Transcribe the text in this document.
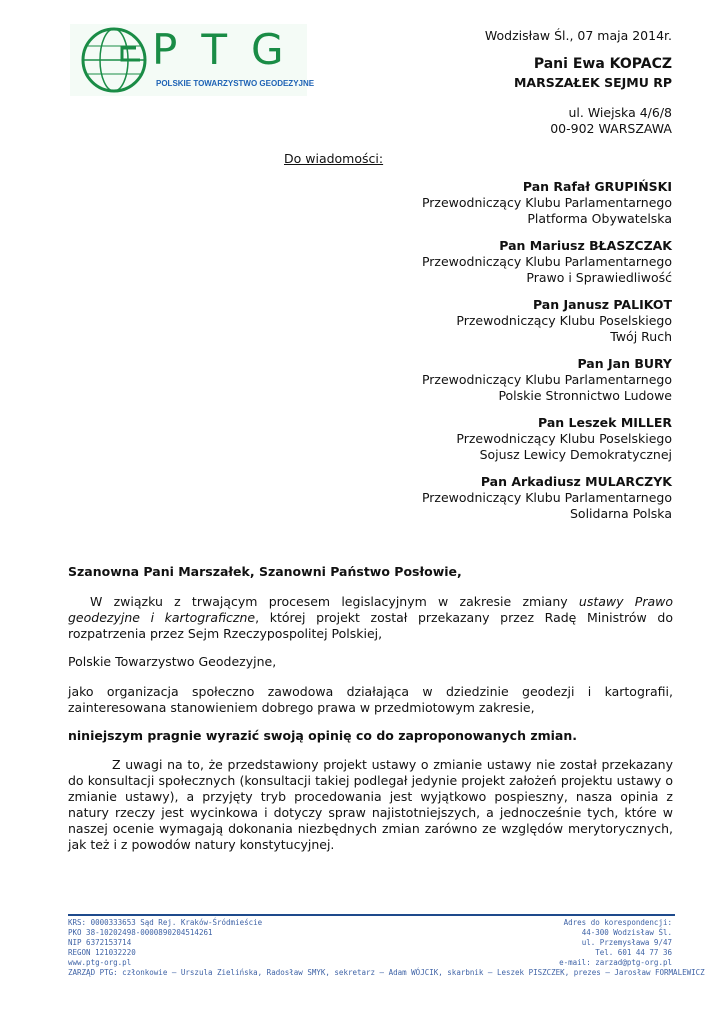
PTG
POLSKIE TOWARZYSTWO GEODEZYJNE
Wodzisław Śl., 07 maja 2014r.
Pani Ewa KOPACZ
MARSZAŁEK SEJMU RP
ul. Wiejska 4/6/8
00-902 WARSZAWA
Do wiadomości:
Pan Rafał GRUPIŃSKI
Przewodniczący Klubu Parlamentarnego
Platforma Obywatelska
Pan Mariusz BŁASZCZAK
Przewodniczący Klubu Parlamentarnego
Prawo i Sprawiedliwość
Pan Janusz PALIKOT
Przewodniczący Klubu Poselskiego
Twój Ruch
Pan Jan BURY
Przewodniczący Klubu Parlamentarnego
Polskie Stronnictwo Ludowe
Pan Leszek MILLER
Przewodniczący Klubu Poselskiego
Sojusz Lewicy Demokratycznej
Pan Arkadiusz MULARCZYK
Przewodniczący Klubu Parlamentarnego
Solidarna Polska
Szanowna Pani Marszałek, Szanowni Państwo Posłowie,
W związku z trwającym procesem legislacyjnym w zakresie zmiany ustawy Prawo geodezyjne i kartograficzne, której projekt został przekazany przez Radę Ministrów do rozpatrzenia przez Sejm Rzeczypospolitej Polskiej,
Polskie Towarzystwo Geodezyjne,
jako organizacja społeczno zawodowa działająca w dziedzinie geodezji i kartografii, zainteresowana stanowieniem dobrego prawa w przedmiotowym zakresie,
niniejszym pragnie wyrazić swoją opinię co do zaproponowanych zmian.
Z uwagi na to, że przedstawiony projekt ustawy o zmianie ustawy nie został przekazany do konsultacji społecznych (konsultacji takiej podlegał jedynie projekt założeń projektu ustawy o zmianie ustawy), a przyjęty tryb procedowania jest wyjątkowo pospieszny, nasza opinia z natury rzeczy jest wycinkowa i dotyczy spraw najistotniejszych, a jednocześnie tych, które w naszej ocenie wymagają dokonania niezbędnych zmian zarówno ze względów merytorycznych, jak też i z powodów natury konstytucyjnej.
KRS: 0000333653 Sąd Rej. Kraków-Śródmieście
PKO 38-10202498-0000890204514261
NIP 6372153714
REGON 121032220
www.ptg-org.pl
Adres do korespondencji:
44-300 Wodzisław Śl.
ul. Przemysława 9/47
Tel. 601 44 77 36
e-mail: zarzad@ptg-org.pl
ZARZĄD PTG: członkowie – Urszula Zielińska, Radosław SMYK, sekretarz – Adam WÓJCIK, skarbnik – Leszek PISZCZEK, prezes – Jarosław FORMALEWICZ
